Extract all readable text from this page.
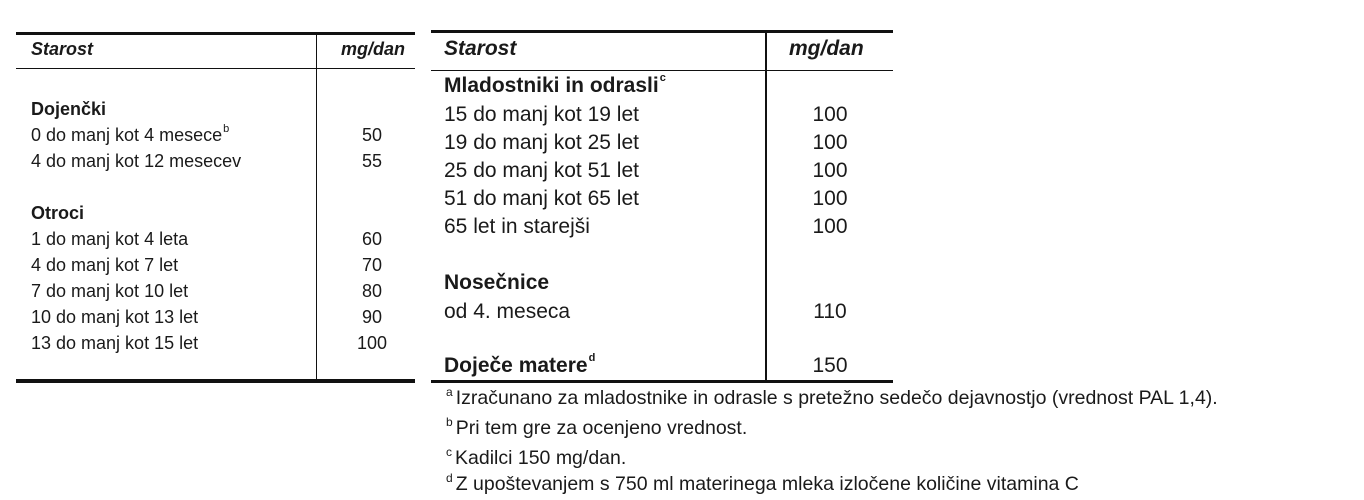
Starost	mg/dan
Dojenčki
0 do manj kot 4 mesece$^b$	50
4 do manj kot 12 mesecev	55
Otroci
1 do manj kot 4 leta	60
4 do manj kot 7 let	70
7 do manj kot 10 let	80
10 do manj kot 13 let	90
13 do manj kot 15 let	100
Starost	mg/dan
Mladostniki in odrasli$^c$
15 do manj kot 19 let	100
19 do manj kot 25 let	100
25 do manj kot 51 let	100
51 do manj kot 65 let	100
65 let in starejši	100
Nosečnice
od 4. meseca	110
Doječe matere$^d$	150
$^a$ Izračunano za mladostnike in odrasle s pretežno sedečo dejavnostjo (vrednost PAL 1,4).
$^b$ Pri tem gre za ocenjeno vrednost.
$^c$ Kadilci 150 mg/dan.
$^d$ Z upoštevanjem s 750 ml materinega mleka izločene količine vitamina C
